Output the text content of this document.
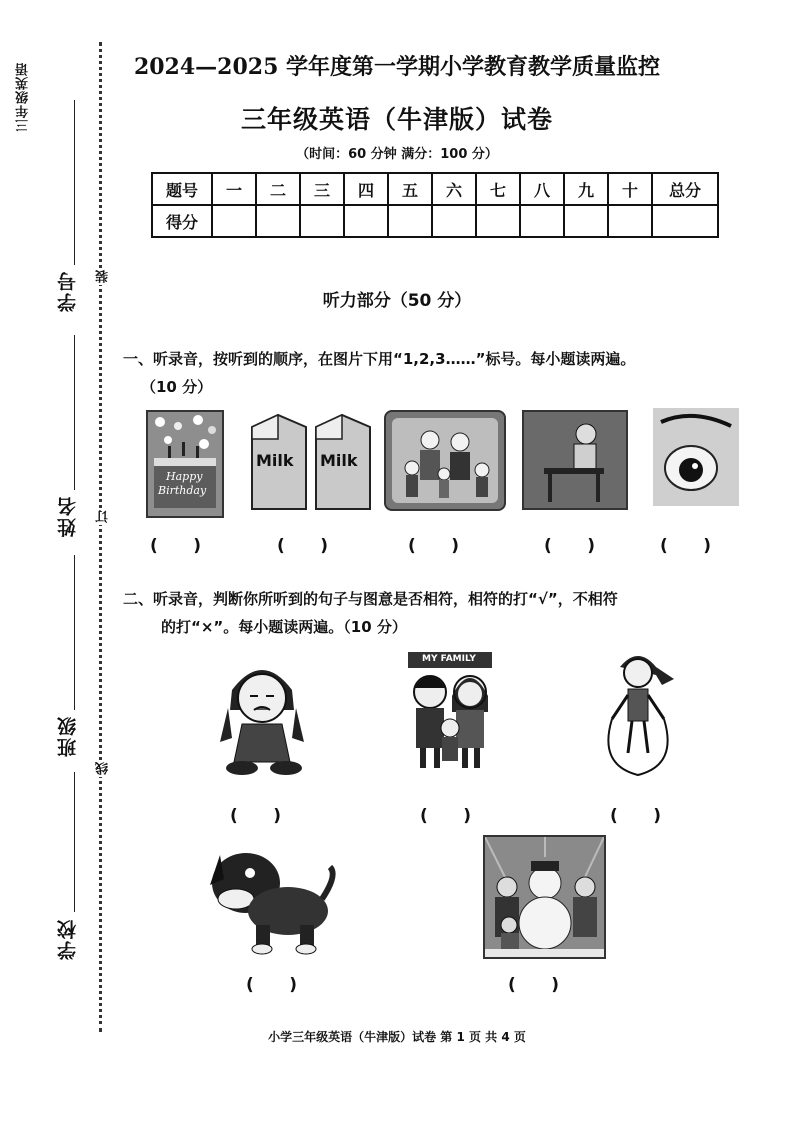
三年级英语
学号
姓名
班级
学校
装
订
线
2024—2025 学年度第一学期小学教育教学质量监控
三年级英语（牛津版）试卷
（时间：60 分钟 满分：100 分）
题号	一	二	三	四	五	六	七	八	九	十	总分
得分											
听力部分（50 分）
一、听录音，按听到的顺序，在图片下用“1,2,3……”标号。每小题读两遍。
（10 分）
Happy
Birthday
Milk Milk
(      )	(      )	(      )	(      )	(      )
二、听录音，判断你所听到的句子与图意是否相符，相符的打“√”，不相符
的打“×”。每小题读两遍。（10 分）
MY FAMILY
(      )	(      )	(      )
(      )	(      )
小学三年级英语（牛津版）试卷 第 1 页 共 4 页
